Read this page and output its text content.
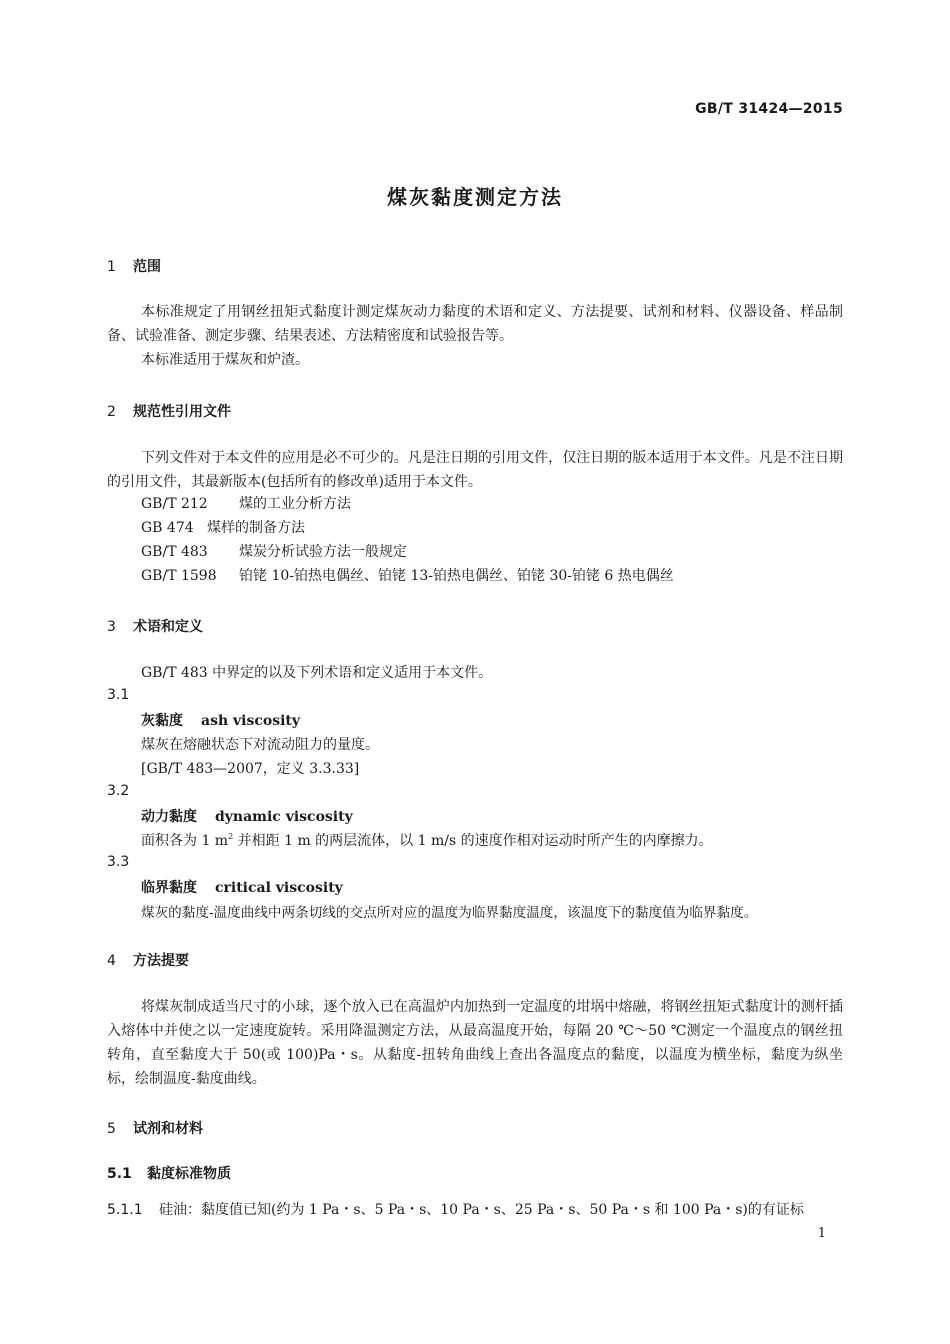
GB/T 31424—2015
煤灰黏度测定方法
1 范围
本标准规定了用钢丝扭矩式黏度计测定煤灰动力黏度的术语和定义、方法提要、试剂和材料、仪器设备、样品制备、试验准备、测定步骤、结果表述、方法精密度和试验报告等。
本标准适用于煤灰和炉渣。
2 规范性引用文件
下列文件对于本文件的应用是必不可少的。凡是注日期的引用文件，仅注日期的版本适用于本文件。凡是不注日期的引用文件，其最新版本(包括所有的修改单)适用于本文件。
GB/T 212 煤的工业分析方法
GB 474 煤样的制备方法
GB/T 483 煤炭分析试验方法一般规定
GB/T 1598 铂铑 10-铂热电偶丝、铂铑 13-铂热电偶丝、铂铑 30-铂铑 6 热电偶丝
3 术语和定义
GB/T 483 中界定的以及下列术语和定义适用于本文件。
3.1
灰黏度 ash viscosity
煤灰在熔融状态下对流动阻力的量度。
[GB/T 483—2007，定义 3.3.33]
3.2
动力黏度 dynamic viscosity
面积各为 1 $m^2$ 并相距 1 m 的两层流体，以 1 m/s 的速度作相对运动时所产生的内摩擦力。
3.3
临界黏度 critical viscosity
煤灰的黏度-温度曲线中两条切线的交点所对应的温度为临界黏度温度，该温度下的黏度值为临界黏度。
4 方法提要
将煤灰制成适当尺寸的小球，逐个放入已在高温炉内加热到一定温度的坩埚中熔融，将钢丝扭矩式黏度计的测杆插入熔体中并使之以一定速度旋转。采用降温测定方法，从最高温度开始，每隔 20 ℃～50 ℃测定一个温度点的钢丝扭转角，直至黏度大于 50(或 100)Pa・s。从黏度-扭转角曲线上查出各温度点的黏度，以温度为横坐标，黏度为纵坐标，绘制温度-黏度曲线。
5 试剂和材料
5.1 黏度标准物质
5.1.1 硅油：黏度值已知(约为 1 Pa・s、5 Pa・s、10 Pa・s、25 Pa・s、50 Pa・s 和 100 Pa・s)的有证标
1
